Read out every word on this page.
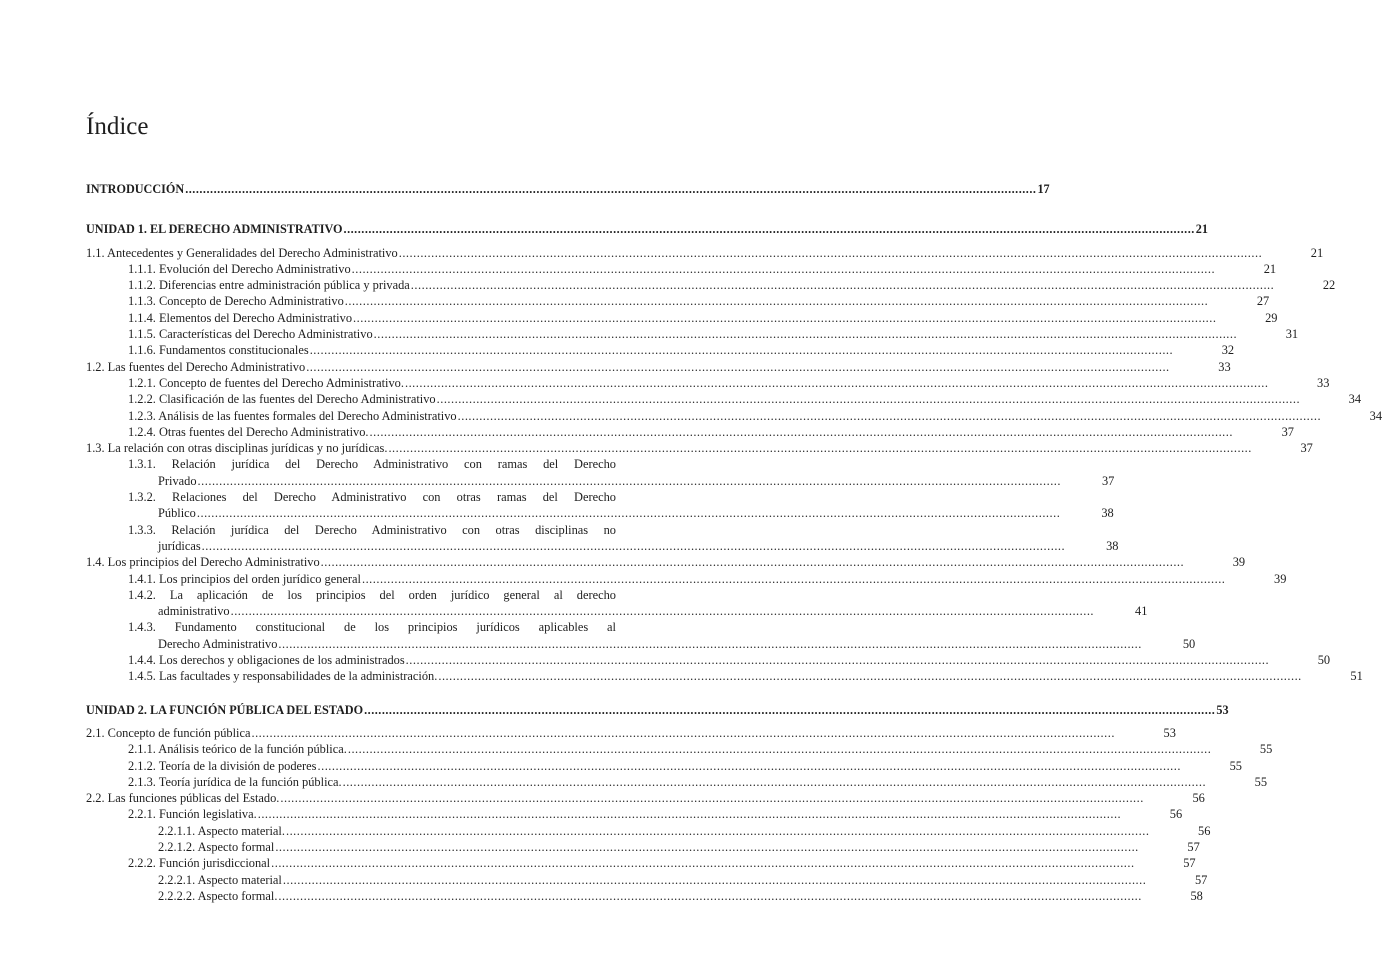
Índice
INTRODUCCIÓN ................................................................................................................................................................................................................................................ 17
UNIDAD 1. EL DERECHO ADMINISTRATIVO ................................................................................................................................................................................................................................................ 21
1.1. Antecedentes y Generalidades del Derecho Administrativo ................................................................................................................................................................................................................................................	21
1.1.1. Evolución del Derecho Administrativo ................................................................................................................................................................................................................................................	21
1.1.2. Diferencias entre administración pública y privada ................................................................................................................................................................................................................................................	22
1.1.3. Concepto de Derecho Administrativo ................................................................................................................................................................................................................................................	27
1.1.4. Elementos del Derecho Administrativo ................................................................................................................................................................................................................................................	29
1.1.5. Características del Derecho Administrativo ................................................................................................................................................................................................................................................	31
1.1.6. Fundamentos constitucionales ................................................................................................................................................................................................................................................	32
1.2. Las fuentes del Derecho Administrativo ................................................................................................................................................................................................................................................	33
1.2.1. Concepto de fuentes del Derecho Administrativo. ................................................................................................................................................................................................................................................	33
1.2.2. Clasificación de las fuentes del Derecho Administrativo ................................................................................................................................................................................................................................................	34
1.2.3. Análisis de las fuentes formales del Derecho Administrativo ................................................................................................................................................................................................................................................	34
1.2.4. Otras fuentes del Derecho Administrativo. ................................................................................................................................................................................................................................................	37
1.3. La relación con otras disciplinas jurídicas y no jurídicas. ................................................................................................................................................................................................................................................	37
1.3.1. Relación jurídica del Derecho Administrativo con ramas del Derecho
Privado ................................................................................................................................................................................................................................................	37
1.3.2. Relaciones del Derecho Administrativo con otras ramas del Derecho
Público ................................................................................................................................................................................................................................................	38
1.3.3. Relación jurídica del Derecho Administrativo con otras disciplinas no
jurídicas ................................................................................................................................................................................................................................................	38
1.4. Los principios del Derecho Administrativo ................................................................................................................................................................................................................................................	39
1.4.1. Los principios del orden jurídico general ................................................................................................................................................................................................................................................	39
1.4.2. La aplicación de los principios del orden jurídico general al derecho
administrativo ................................................................................................................................................................................................................................................	41
1.4.3. Fundamento constitucional de los principios jurídicos aplicables al
Derecho Administrativo ................................................................................................................................................................................................................................................	50
1.4.4. Los derechos y obligaciones de los administrados ................................................................................................................................................................................................................................................	50
1.4.5. Las facultades y responsabilidades de la administración. ................................................................................................................................................................................................................................................	51
UNIDAD 2. LA FUNCIÓN PÚBLICA DEL ESTADO ................................................................................................................................................................................................................................................ 53
2.1. Concepto de función pública ................................................................................................................................................................................................................................................	53
2.1.1. Análisis teórico de la función pública. ................................................................................................................................................................................................................................................	55
2.1.2. Teoría de la división de poderes ................................................................................................................................................................................................................................................	55
2.1.3. Teoría jurídica de la función pública. ................................................................................................................................................................................................................................................	55
2.2. Las funciones públicas del Estado. ................................................................................................................................................................................................................................................	56
2.2.1. Función legislativa. ................................................................................................................................................................................................................................................	56
2.2.1.1. Aspecto material. ................................................................................................................................................................................................................................................	56
2.2.1.2. Aspecto formal ................................................................................................................................................................................................................................................	57
2.2.2. Función jurisdiccional ................................................................................................................................................................................................................................................	57
2.2.2.1. Aspecto material ................................................................................................................................................................................................................................................	57
2.2.2.2. Aspecto formal. ................................................................................................................................................................................................................................................	58
